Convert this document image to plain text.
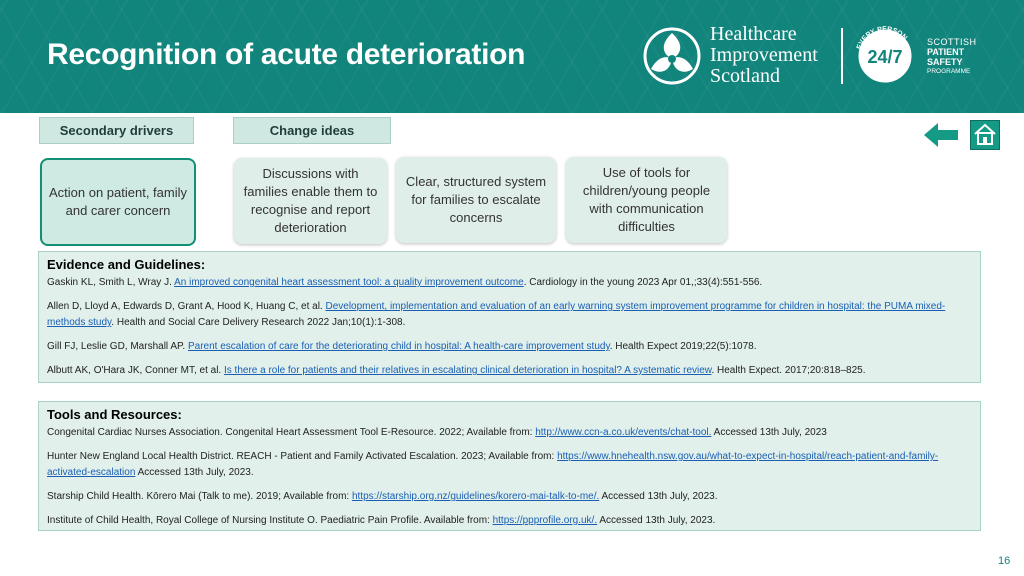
Recognition of acute deterioration
Healthcare
Improvement
Scotland
EVERY PERSON
EVERY TIME
24/7
SCOTTISH
PATIENT
SAFETY
PROGRAMME
Secondary drivers	Change ideas
Action on patient, family and carer concern
Discussions with families enable them to recognise and report deterioration
Clear, structured system for families to escalate concerns
Use of tools for children/young people with communication difficulties
Evidence and Guidelines:
Gaskin KL, Smith L, Wray J. An improved congenital heart assessment tool: a quality improvement outcome. Cardiology in the young 2023 Apr 01,;33(4):551-556.
Allen D, Lloyd A, Edwards D, Grant A, Hood K, Huang C, et al. Development, implementation and evaluation of an early warning system improvement programme for children in hospital: the PUMA mixed-methods study. Health and Social Care Delivery Research 2022 Jan;10(1):1-308.
Gill FJ, Leslie GD, Marshall AP. Parent escalation of care for the deteriorating child in hospital: A health-care improvement study. Health Expect 2019;22(5):1078.
Albutt AK, O'Hara JK, Conner MT, et al. Is there a role for patients and their relatives in escalating clinical deterioration in hospital? A systematic review. Health Expect. 2017;20:818–825.
Tools and Resources:
Congenital Cardiac Nurses Association. Congenital Heart Assessment Tool E-Resource. 2022; Available from: http://www.ccn-a.co.uk/events/chat-tool. Accessed 13th July, 2023
Hunter New England Local Health District. REACH - Patient and Family Activated Escalation. 2023; Available from: https://www.hnehealth.nsw.gov.au/what-to-expect-in-hospital/reach-patient-and-family-activated-escalation Accessed 13th July, 2023.
Starship Child Health. Kōrero Mai (Talk to me). 2019; Available from: https://starship.org.nz/guidelines/korero-mai-talk-to-me/. Accessed 13th July, 2023.
Institute of Child Health, Royal College of Nursing Institute O. Paediatric Pain Profile. Available from: https://ppprofile.org.uk/. Accessed 13th July, 2023.
16
